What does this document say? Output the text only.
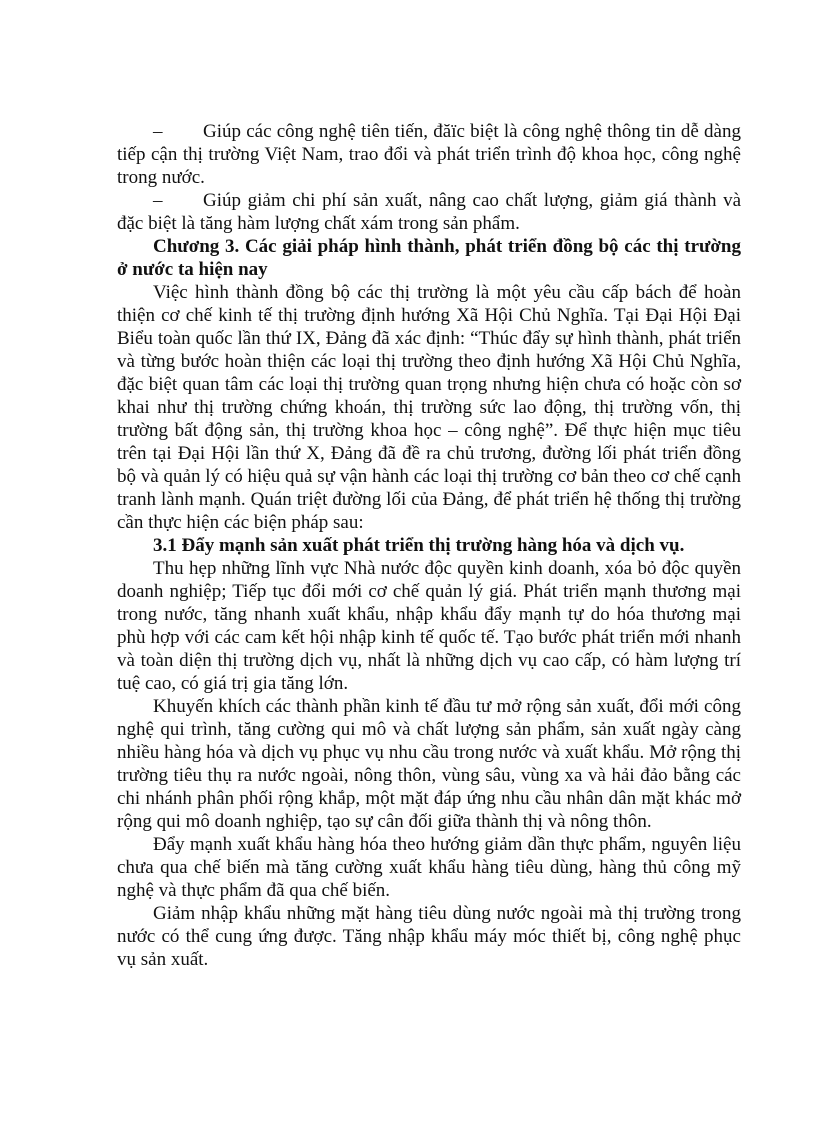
– Giúp các công nghệ tiên tiến, đăïc biệt là công nghệ thông tin dễ dàng tiếp cận thị trường Việt Nam, trao đổi và phát triển trình độ khoa học, công nghệ trong nước.

– Giúp giảm chi phí sản xuất, nâng cao chất lượng, giảm giá thành và đặc biệt là tăng hàm lượng chất xám trong sản phẩm.

Chương 3. Các giải pháp hình thành, phát triển đồng bộ các thị trường ở nước ta hiện nay

Việc hình thành đồng bộ các thị trường là một yêu cầu cấp bách để hoàn thiện cơ chế kinh tế thị trường định hướng Xã Hội Chủ Nghĩa. Tại Đại Hội Đại Biểu toàn quốc lần thứ IX, Đảng đã xác định: “Thúc đẩy sự hình thành, phát triển và từng bước hoàn thiện các loại thị trường theo định hướng Xã Hội Chủ Nghĩa, đặc biệt quan tâm các loại thị trường quan trọng nhưng hiện chưa có hoặc còn sơ khai như thị trường chứng khoán, thị trường sức lao động, thị trường vốn, thị trường bất động sản, thị trường khoa học – công nghệ”. Để thực hiện mục tiêu trên tại Đại Hội lần thứ X, Đảng đã đề ra chủ trương, đường lối phát triển đồng bộ và quản lý có hiệu quả sự vận hành các loại thị trường cơ bản theo cơ chế cạnh tranh lành mạnh. Quán triệt đường lối của Đảng, để phát triển hệ thống thị trường cần thực hiện các biện pháp sau:

3.1 Đẩy mạnh sản xuất phát triển thị trường hàng hóa và dịch vụ.

Thu hẹp những lĩnh vực Nhà nước độc quyền kinh doanh, xóa bỏ độc quyền doanh nghiệp; Tiếp tục đổi mới cơ chế quản lý giá. Phát triển mạnh thương mại trong nước, tăng nhanh xuất khẩu, nhập khẩu đẩy mạnh tự do hóa thương mại phù hợp với các cam kết hội nhập kinh tế quốc tế. Tạo bước phát triển mới nhanh và toàn diện thị trường dịch vụ, nhất là những dịch vụ cao cấp, có hàm lượng trí tuệ cao, có giá trị gia tăng lớn.

Khuyến khích các thành phần kinh tế đầu tư mở rộng sản xuất, đổi mới công nghệ qui trình, tăng cường qui mô và chất lượng sản phẩm, sản xuất ngày càng nhiều hàng hóa và dịch vụ phục vụ nhu cầu trong nước và xuất khẩu. Mở rộng thị trường tiêu thụ ra nước ngoài, nông thôn, vùng sâu, vùng xa và hải đảo bằng các chi nhánh phân phối rộng khắp, một mặt đáp ứng nhu cầu nhân dân mặt khác mở rộng qui mô doanh nghiệp, tạo sự cân đối giữa thành thị và nông thôn.

Đẩy mạnh xuất khẩu hàng hóa theo hướng giảm dần thực phẩm, nguyên liệu chưa qua chế biến mà tăng cường xuất khẩu hàng tiêu dùng, hàng thủ công mỹ nghệ và thực phẩm đã qua chế biến.

Giảm nhập khẩu những mặt hàng tiêu dùng nước ngoài mà thị trường trong nước có thể cung ứng được. Tăng nhập khẩu máy móc thiết bị, công nghệ phục vụ sản xuất.
